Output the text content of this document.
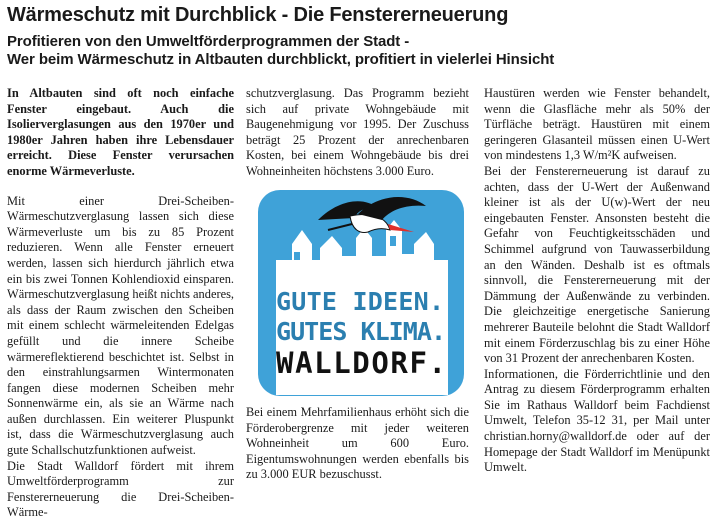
Wärmeschutz mit Durchblick - Die Fenstererneuerung
Profitieren von den Umweltförderprogrammen der Stadt -
Wer beim Wärmeschutz in Altbauten durchblickt, profitiert in vielerlei Hinsicht

In Altbauten sind oft noch einfache Fenster eingebaut. Auch die Isolierverglasungen aus den 1970er und 1980er Jahren haben ihre Lebensdauer erreicht. Diese Fenster verursachen enorme Wärmeverluste.

Mit einer Drei-Scheiben-Wärmeschutzverglasung lassen sich diese Wärmeverluste um bis zu 85 Prozent reduzieren. Wenn alle Fenster erneuert werden, lassen sich hierdurch jährlich etwa ein bis zwei Tonnen Kohlendioxid einsparen. Wärmeschutzverglasung heißt nichts anderes, als dass der Raum zwischen den Scheiben mit einem schlecht wärmeleitenden Edelgas gefüllt und die innere Scheibe wärmereflektierend beschichtet ist. Selbst in den einstrahlungsarmen Wintermonaten fangen diese modernen Scheiben mehr Sonnenwärme ein, als sie an Wärme nach außen durchlassen. Ein weiterer Pluspunkt ist, dass die Wärmeschutzverglasung auch gute Schallschutzfunktionen aufweist.

Die Stadt Walldorf fördert mit ihrem Umweltförderprogramm zur Fenstererneuerung die Drei-Scheiben-Wärme-

schutzverglasung. Das Programm bezieht sich auf private Wohngebäude mit Baugenehmigung vor 1995. Der Zuschuss beträgt 25 Prozent der anrechenbaren Kosten, bei einem Wohngebäude bis drei Wohneinheiten höchstens 3.000 Euro.

GUTE IDEEN.
GUTES KLIMA.
WALLDORF.
Bei einem Mehrfamilienhaus erhöht sich die Förderobergrenze mit jeder weiteren Wohneinheit um 600 Euro. Eigentumswohnungen werden ebenfalls bis zu 3.000 EUR bezuschusst.

Haustüren werden wie Fenster behandelt, wenn die Glasfläche mehr als 50% der Türfläche beträgt. Haustüren mit einem geringeren Glasanteil müssen einen U-Wert von mindestens 1,3 W/m²K aufweisen.

Bei der Fenstererneuerung ist darauf zu achten, dass der U-Wert der Außenwand kleiner ist als der U(w)-Wert der neu eingebauten Fenster. Ansonsten besteht die Gefahr von Feuchtigkeitsschäden und Schimmel aufgrund von Tauwasserbildung an den Wänden. Deshalb ist es oftmals sinnvoll, die Fenstererneuerung mit der Dämmung der Außenwände zu verbinden. Die gleichzeitige energetische Sanierung mehrerer Bauteile belohnt die Stadt Walldorf mit einem Förderzuschlag bis zu einer Höhe von 31 Prozent der anrechenbaren Kosten.

Informationen, die Förderrichtlinie und den Antrag zu diesem Förderprogramm erhalten Sie im Rathaus Walldorf beim Fachdienst Umwelt, Telefon 35-12 31, per Mail unter christian.horny@walldorf.de oder auf der Homepage der Stadt Walldorf im Menüpunkt Umwelt.
